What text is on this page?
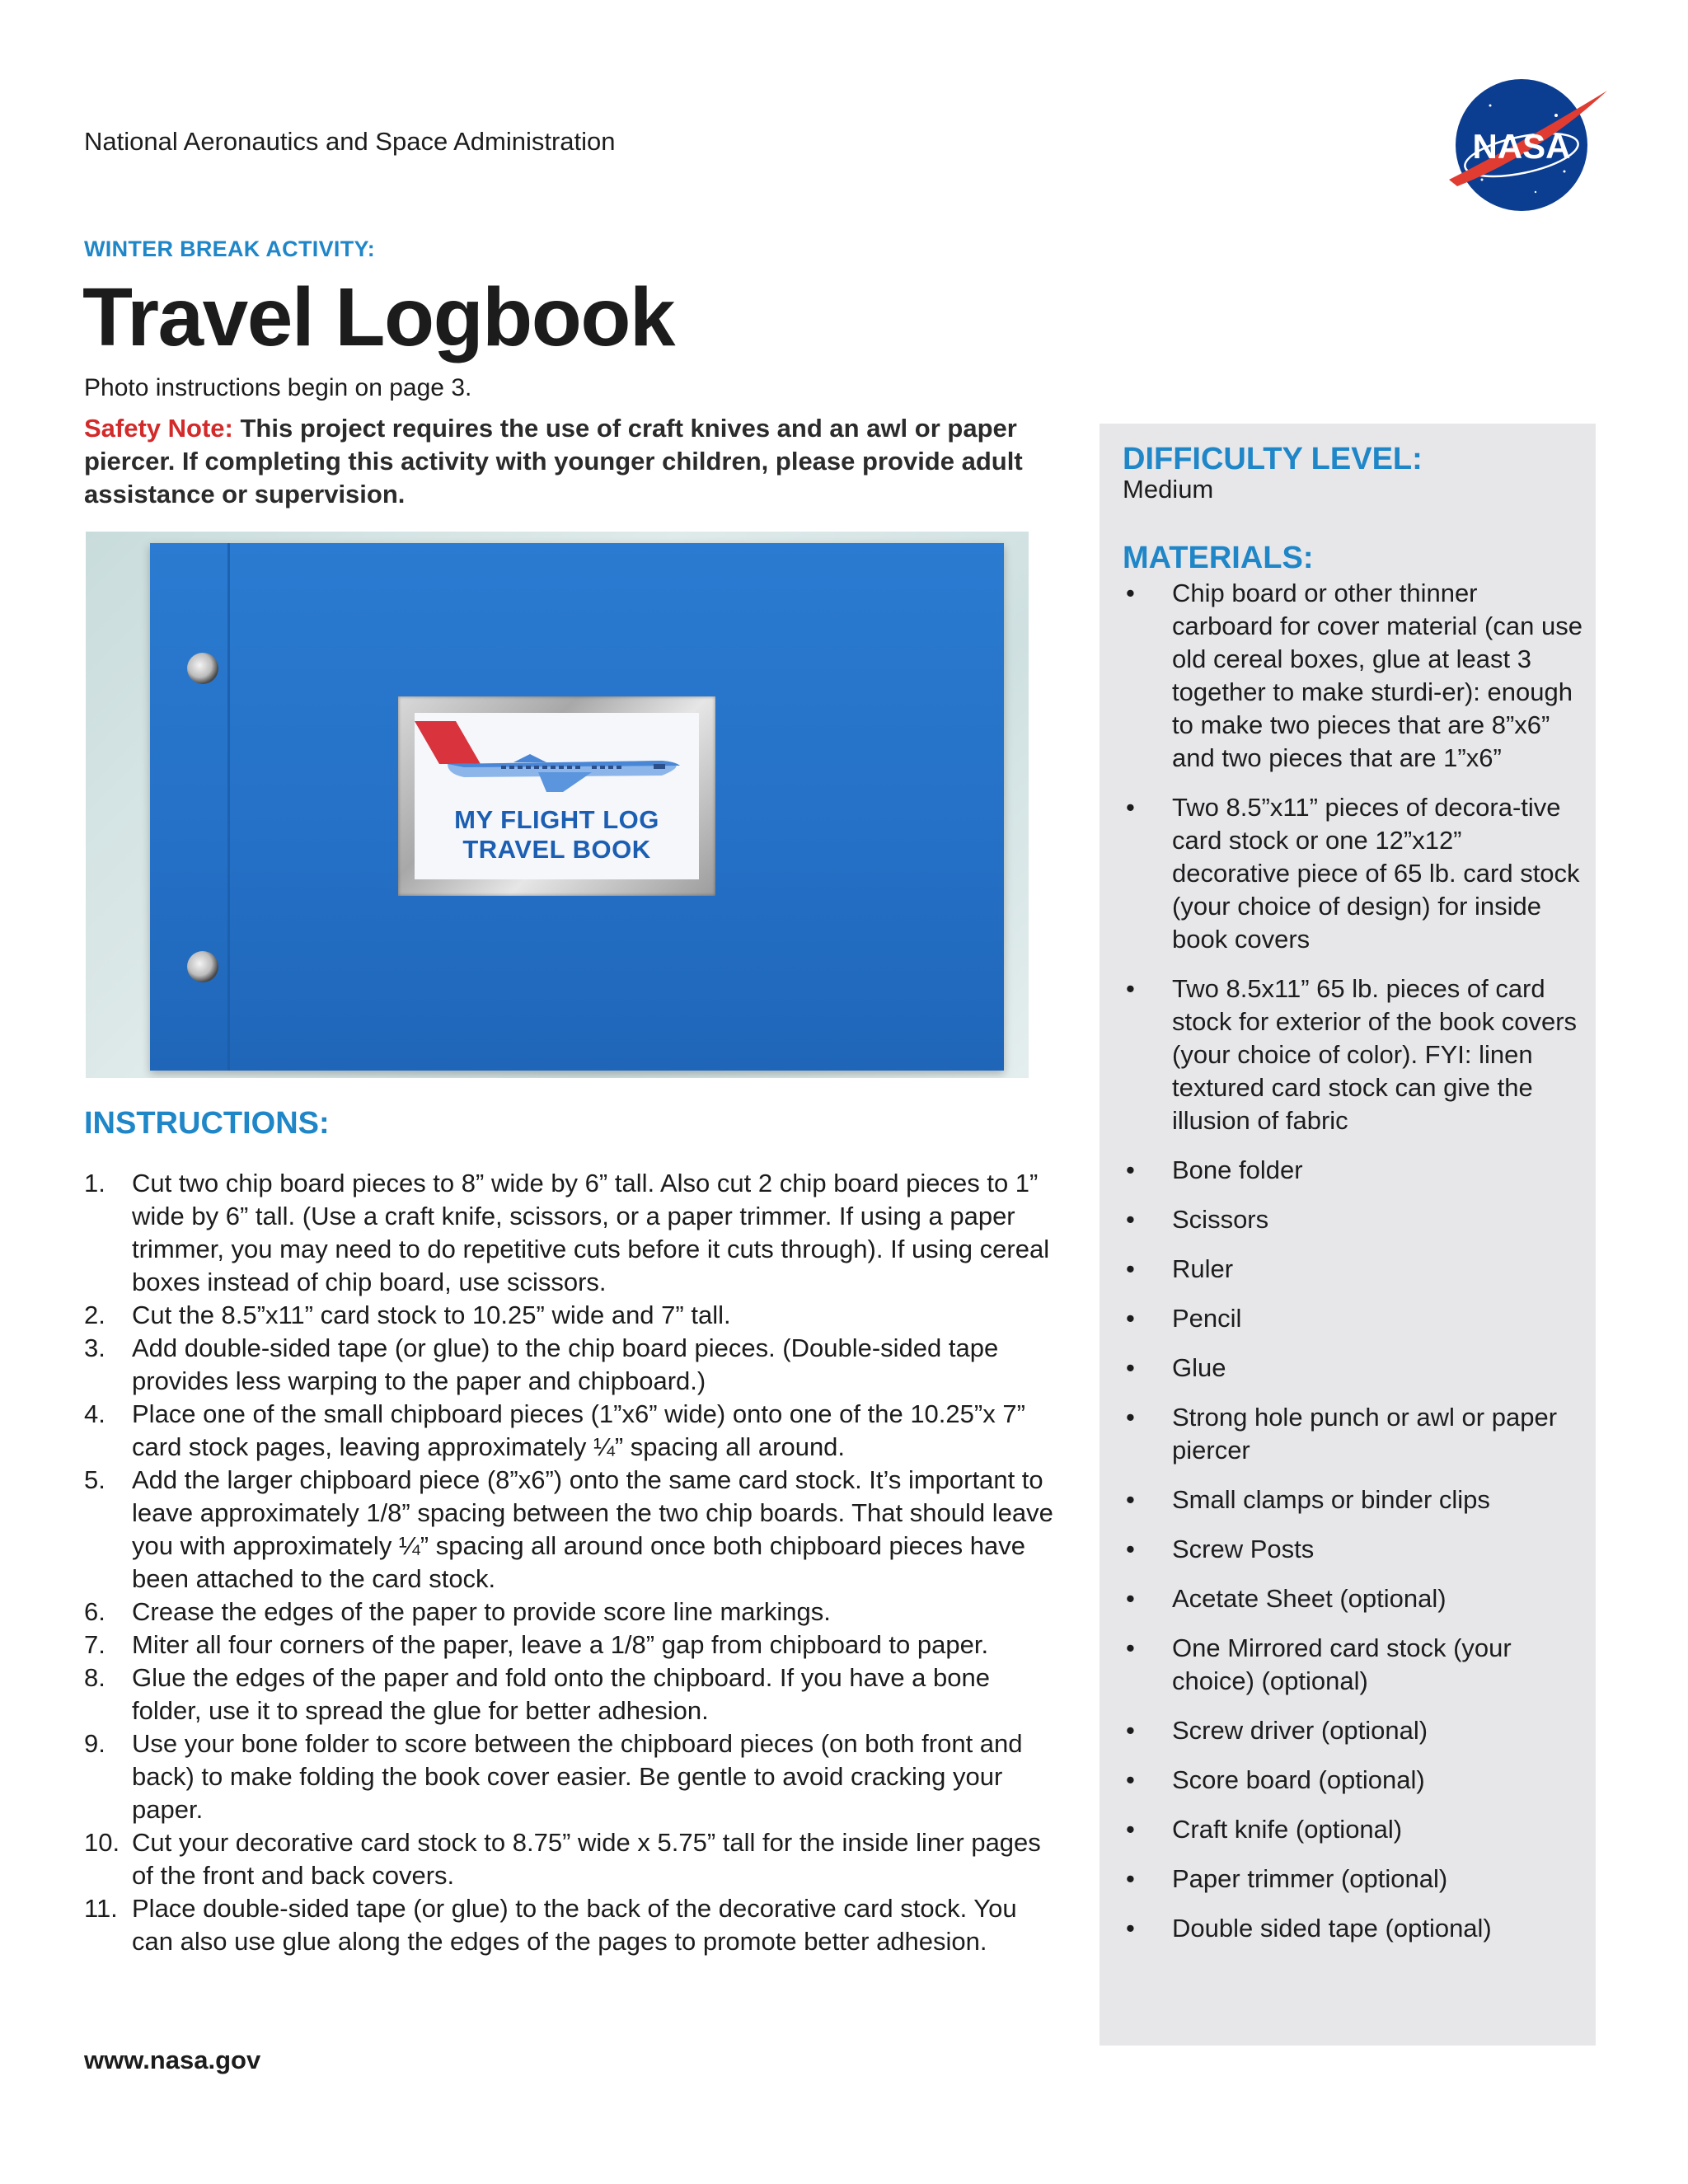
National Aeronautics and Space Administration	NASA
WINTER BREAK ACTIVITY:
Travel Logbook
Photo instructions begin on page 3.
Safety Note: This project requires the use of craft knives and an awl or paper piercer. If completing this activity with younger children, please provide adult assistance or supervision.
MY FLIGHT LOG
TRAVEL BOOK
INSTRUCTIONS:
1. Cut two chip board pieces to 8” wide by 6” tall. Also cut 2 chip board pieces to 1” wide by 6” tall. (Use a craft knife, scissors, or a paper trimmer. If using a paper trimmer, you may need to do repetitive cuts before it cuts through). If using cereal boxes instead of chip board, use scissors.
2. Cut the 8.5”x11” card stock to 10.25” wide and 7” tall.
3. Add double-sided tape (or glue) to the chip board pieces. (Double-sided tape provides less warping to the paper and chipboard.)
4. Place one of the small chipboard pieces (1”x6” wide) onto one of the 10.25”x 7” card stock pages, leaving approximately ¼” spacing all around.
5. Add the larger chipboard piece (8”x6”) onto the same card stock. It’s important to leave approximately 1/8” spacing between the two chip boards. That should leave you with approximately ¼” spacing all around once both chipboard pieces have been attached to the card stock.
6. Crease the edges of the paper to provide score line markings.
7. Miter all four corners of the paper, leave a 1/8” gap from chipboard to paper.
8. Glue the edges of the paper and fold onto the chipboard. If you have a bone folder, use it to spread the glue for better adhesion.
9. Use your bone folder to score between the chipboard pieces (on both front and back) to make folding the book cover easier. Be gentle to avoid cracking your paper.
10. Cut your decorative card stock to 8.75” wide x 5.75” tall for the inside liner pages of the front and back covers.
11. Place double-sided tape (or glue) to the back of the decorative card stock. You can also use glue along the edges of the pages to promote better adhesion.
www.nasa.gov
DIFFICULTY LEVEL:
Medium
MATERIALS:
• Chip board or other thinner carboard for cover material (can use old cereal boxes, glue at least 3 together to make sturdi-er): enough to make two pieces that are 8”x6” and two pieces that are 1”x6”
• Two 8.5”x11” pieces of decora-tive card stock or one 12”x12” decorative piece of 65 lb. card stock (your choice of design) for inside book covers
• Two 8.5x11” 65 lb. pieces of card stock for exterior of the book covers (your choice of color). FYI: linen textured card stock can give the illusion of fabric
• Bone folder
• Scissors
• Ruler
• Pencil
• Glue
• Strong hole punch or awl or paper piercer
• Small clamps or binder clips
• Screw Posts
• Acetate Sheet (optional)
• One Mirrored card stock (your choice) (optional)
• Screw driver (optional)
• Score board (optional)
• Craft knife (optional)
• Paper trimmer (optional)
• Double sided tape (optional)
